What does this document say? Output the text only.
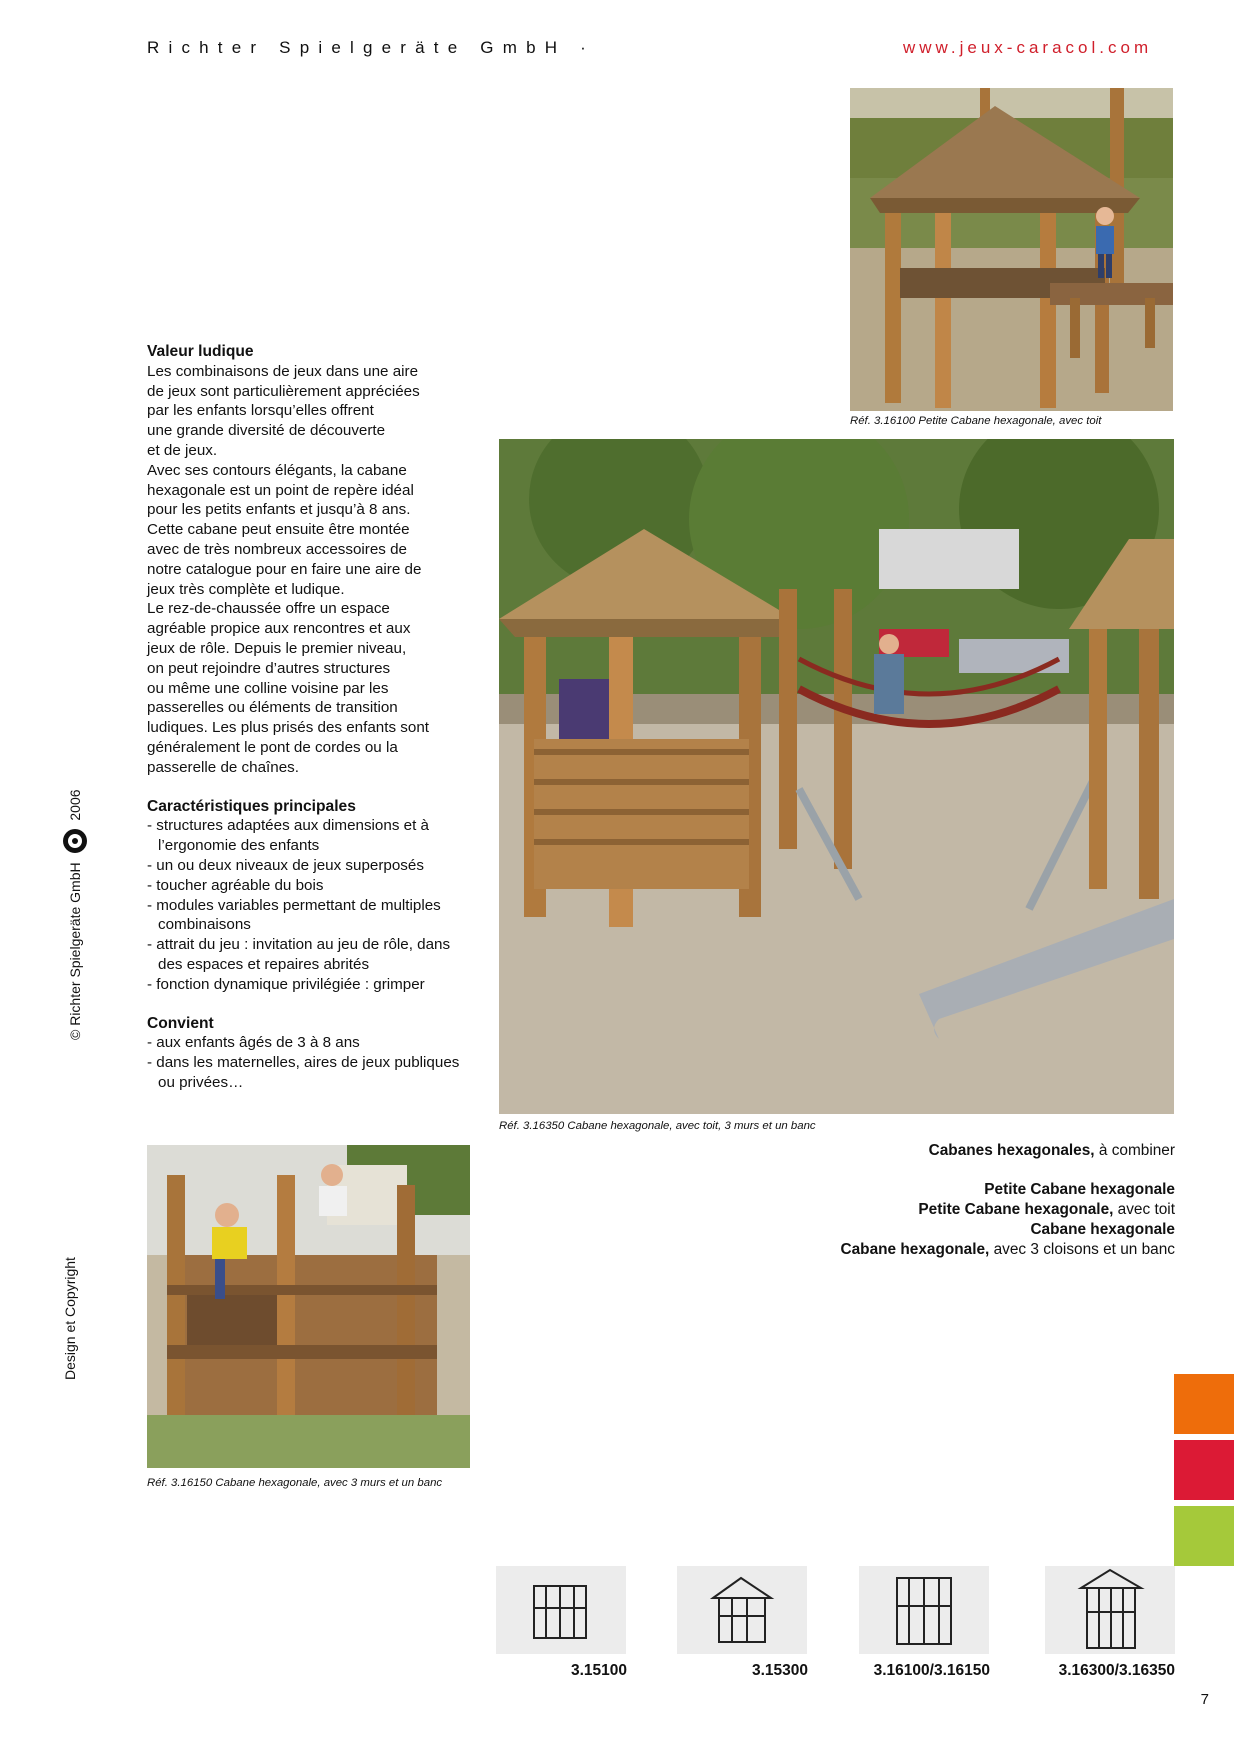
Richter Spielgeräte GmbH ·	www.jeux-caracol.com
Réf. 3.16100 Petite Cabane hexagonale, avec toit
Réf. 3.16350 Cabane hexagonale, avec toit, 3 murs et un banc
Valeur ludique

Les combinaisons de jeux dans une aire

de jeux sont particulièrement appréciées

par les enfants lorsqu’elles offrent

une grande diversité de découverte

et de jeux.

Avec ses contours élégants, la cabane

hexagonale est un point de repère idéal

pour les petits enfants et jusqu’à 8 ans.

Cette cabane peut ensuite être montée

avec de très nombreux accessoires de

notre catalogue pour en faire une aire de

jeux très complète et ludique.

Le rez-de-chaussée offre un espace

agréable propice aux rencontres et aux

jeux de rôle. Depuis le premier niveau,

on peut rejoindre d’autres structures

ou même une colline voisine par les

passerelles ou éléments de transition

ludiques. Les plus prisés des enfants sont

généralement le pont de cordes ou la

passerelle de chaînes.

Caractéristiques principales
- structures adaptées aux dimensions et à l’ergonomie des enfants
- un ou deux niveaux de jeux superposés
- toucher agréable du bois
- modules variables permettant de multiples combinaisons
- attrait du jeu : invitation au jeu de rôle, dans des espaces et repaires abrités
- fonction dynamique privilégiée : grimper
Convient
- aux enfants âgés de 3 à 8 ans
- dans les maternelles, aires de jeux publiques ou privées…
Réf. 3.16150 Cabane hexagonale, avec 3 murs et un banc
Cabanes hexagonales, à combiner
Petite Cabane hexagonale
Petite Cabane hexagonale, avec toit
Cabane hexagonale
Cabane hexagonale, avec 3 cloisons et un banc
© Richter Spielgeräte GmbH  2006
Design et Copyright
3.15100	3.15300	3.16100/3.16150	3.16300/3.16350
7
